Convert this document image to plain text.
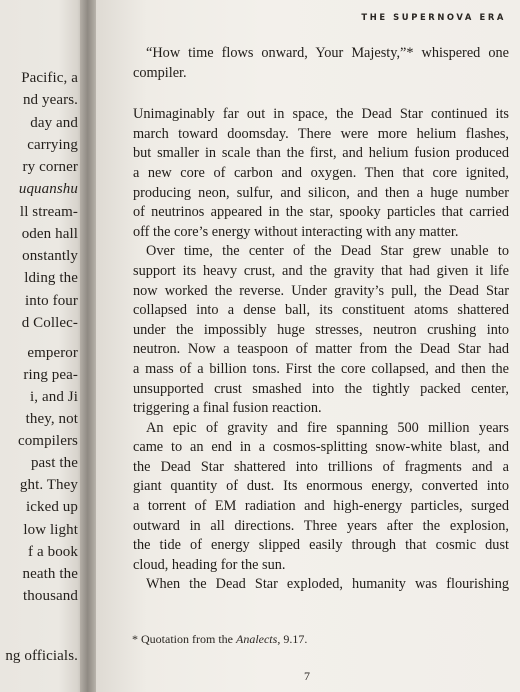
Pacific, a
nd years.
day and
carrying
ry corner
uquanshu
ll stream-
oden hall
onstantly
lding the
into four
d Collec-
emperor
ring pea-
i, and Ji
they, not
compilers
past the
ght. They
icked up
low light
f a book
neath the
thousand
ng officials.
THE SUPERNOVA ERA
“How time flows onward, Your Majesty,”* whispered one
compiler.
Unimaginably far out in space, the Dead Star continued its
march toward doomsday. There were more helium flashes,
but smaller in scale than the first, and helium fusion produced
a new core of carbon and oxygen. Then that core ignited,
producing neon, sulfur, and silicon, and then a huge number
of neutrinos appeared in the star, spooky particles that carried
off the core’s energy without interacting with any matter.
Over time, the center of the Dead Star grew unable to
support its heavy crust, and the gravity that had given it life
now worked the reverse. Under gravity’s pull, the Dead Star
collapsed into a dense ball, its constituent atoms shattered
under the impossibly huge stresses, neutron crushing into
neutron. Now a teaspoon of matter from the Dead Star had
a mass of a billion tons. First the core collapsed, and then the
unsupported crust smashed into the tightly packed center,
triggering a final fusion reaction.
An epic of gravity and fire spanning 500 million years
came to an end in a cosmos-splitting snow-white blast, and
the Dead Star shattered into trillions of fragments and a
giant quantity of dust. Its enormous energy, converted into
a torrent of EM radiation and high-energy particles, surged
outward in all directions. Three years after the explosion,
the tide of energy slipped easily through that cosmic dust
cloud, heading for the sun.
When the Dead Star exploded, humanity was flourishing
* Quotation from the Analects, 9.17.
7
